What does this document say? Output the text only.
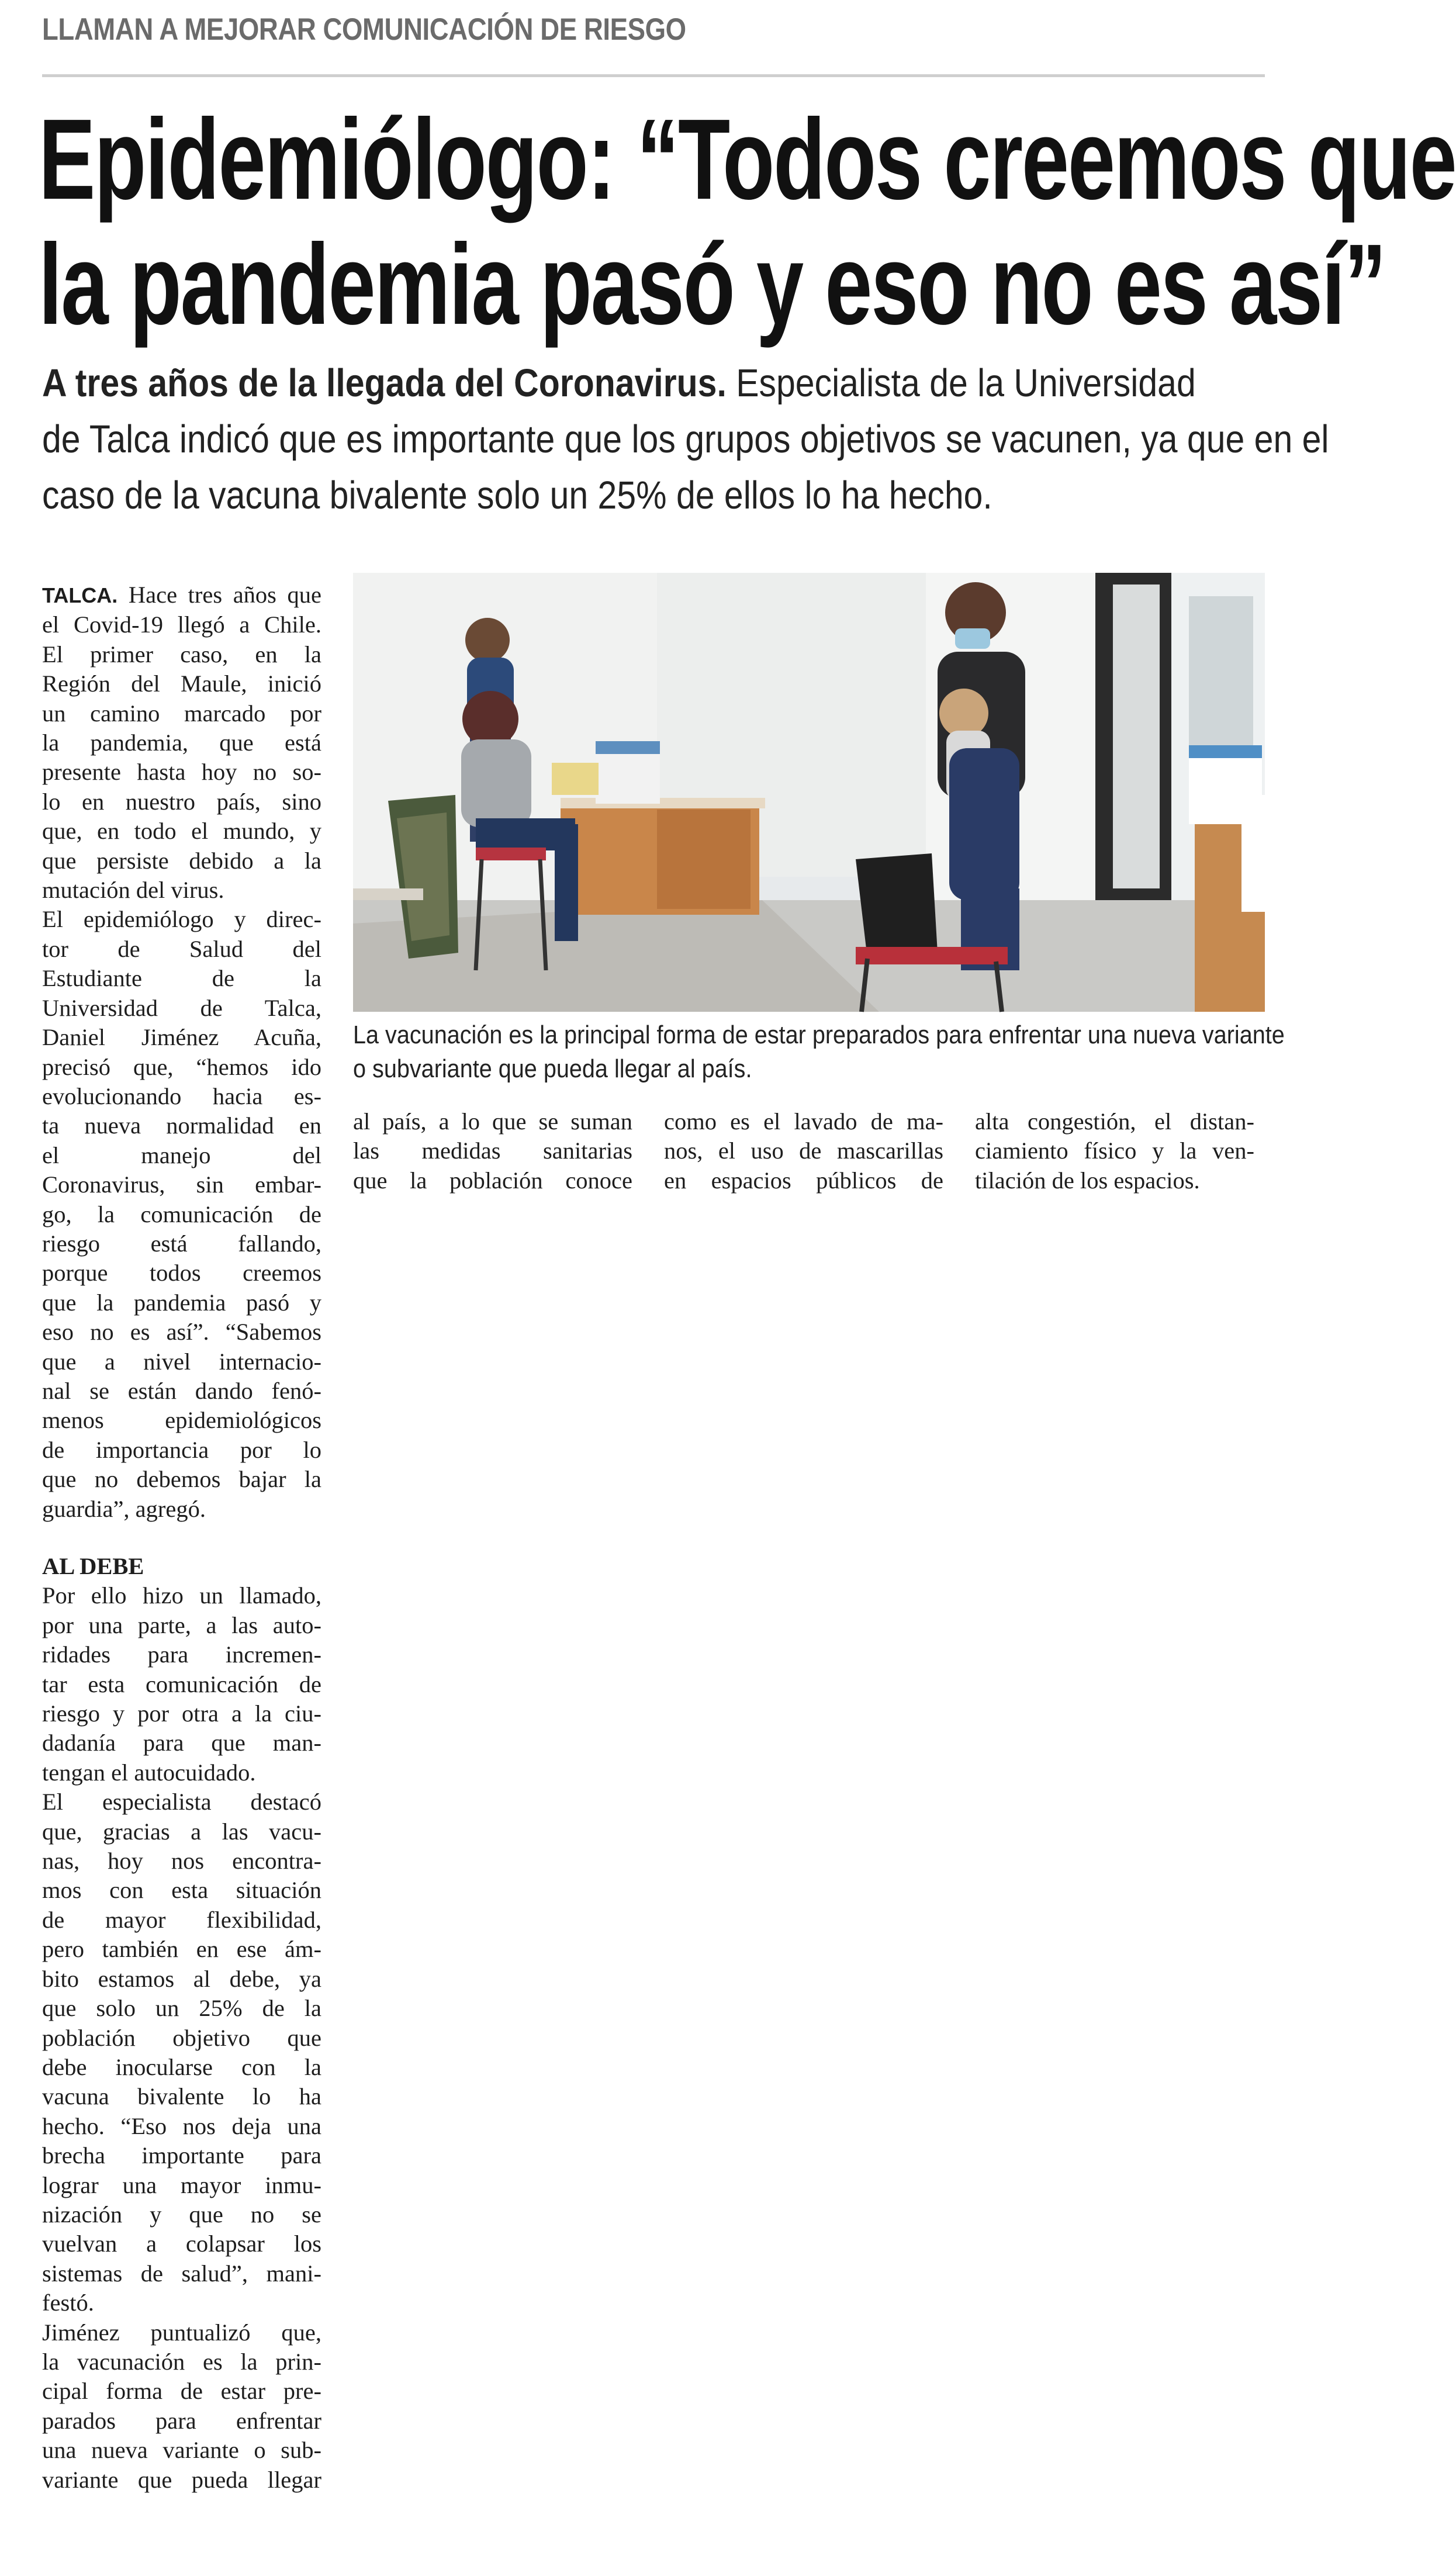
LLAMAN A MEJORAR COMUNICACIÓN DE RIESGO
Epidemiólogo: “Todos creemos que
la pandemia pasó y eso no es así”
A tres años de la llegada del Coronavirus. Especialista de la Universidad
de Talca indicó que es importante que los grupos objetivos se vacunen, ya que en el
caso de la vacuna bivalente solo un 25% de ellos lo ha hecho.
La vacunación es la principal forma de estar preparados para enfrentar una nueva variante
o subvariante que pueda llegar al país.
TALCA. Hace tres años que
el Covid-19 llegó a Chile.
El primer caso, en la
Región del Maule, inició
un camino marcado por
la pandemia, que está
presente hasta hoy no so-
lo en nuestro país, sino
que, en todo el mundo, y
que persiste debido a la
mutación del virus.
El epidemiólogo y direc-
tor de Salud del
Estudiante de la
Universidad de Talca,
Daniel Jiménez Acuña,
precisó que, “hemos ido
evolucionando hacia es-
ta nueva normalidad en
el manejo del
Coronavirus, sin embar-
go, la comunicación de
riesgo está fallando,
porque todos creemos
que la pandemia pasó y
eso no es así”. “Sabemos
que a nivel internacio-
nal se están dando fenó-
menos epidemiológicos
de importancia por lo
que no debemos bajar la
guardia”, agregó.
AL DEBE
Por ello hizo un llamado,
por una parte, a las auto-
ridades para incremen-
tar esta comunicación de
riesgo y por otra a la ciu-
dadanía para que man-
tengan el autocuidado.
El especialista destacó
que, gracias a las vacu-
nas, hoy nos encontra-
mos con esta situación
de mayor flexibilidad,
pero también en ese ám-
bito estamos al debe, ya
que solo un 25% de la
población objetivo que
debe inocularse con la
vacuna bivalente lo ha
hecho. “Eso nos deja una
brecha importante para
lograr una mayor inmu-
nización y que no se
vuelvan a colapsar los
sistemas de salud”, mani-
festó.
Jiménez puntualizó que,
la vacunación es la prin-
cipal forma de estar pre-
parados para enfrentar
una nueva variante o sub-
variante que pueda llegar
al país, a lo que se suman
las medidas sanitarias
que la población conoce
como es el lavado de ma-
nos, el uso de mascarillas
en espacios públicos de
alta congestión, el distan-
ciamiento físico y la ven-
tilación de los espacios.
